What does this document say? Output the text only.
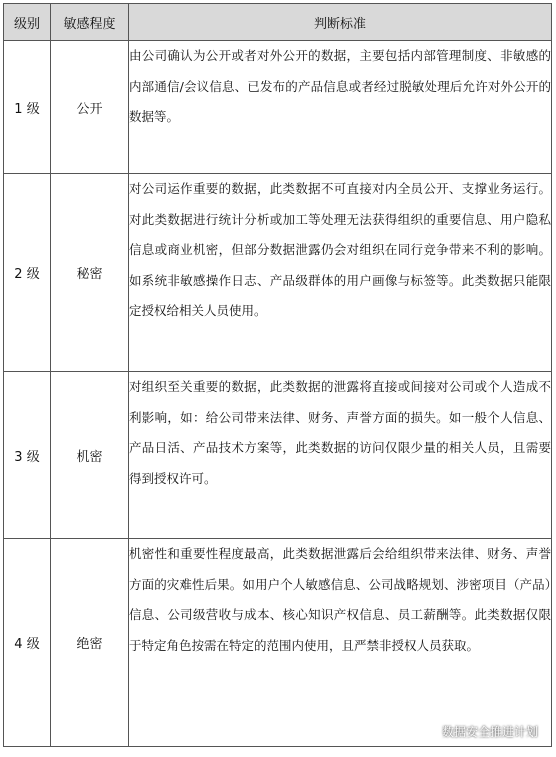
级别	敏感程度	判断标准
1 级	公开	由公司确认为公开或者对外公开的数据，主要包括内部管理制度、非敏感的内部通信/会议信息、已发布的产品信息或者经过脱敏处理后允许对外公开的数据等。
2 级	秘密	对公司运作重要的数据，此类数据不可直接对内全员公开、支撑业务运行。对此类数据进行统计分析或加工等处理无法获得组织的重要信息、用户隐私信息或商业机密，但部分数据泄露仍会对组织在同行竞争带来不利的影响。如系统非敏感操作日志、产品级群体的用户画像与标签等。此类数据只能限定授权给相关人员使用。
3 级	机密	对组织至关重要的数据，此类数据的泄露将直接或间接对公司或个人造成不利影响，如：给公司带来法律、财务、声誉方面的损失。如一般个人信息、产品日活、产品技术方案等，此类数据的访问仅限少量的相关人员，且需要得到授权许可。
4 级	绝密	机密性和重要性程度最高，此类数据泄露后会给组织带来法律、财务、声誉方面的灾难性后果。如用户个人敏感信息、公司战略规划、涉密项目（产品）信息、公司级营收与成本、核心知识产权信息、员工薪酬等。此类数据仅限于特定角色按需在特定的范围内使用，且严禁非授权人员获取。
数据安全推进计划
